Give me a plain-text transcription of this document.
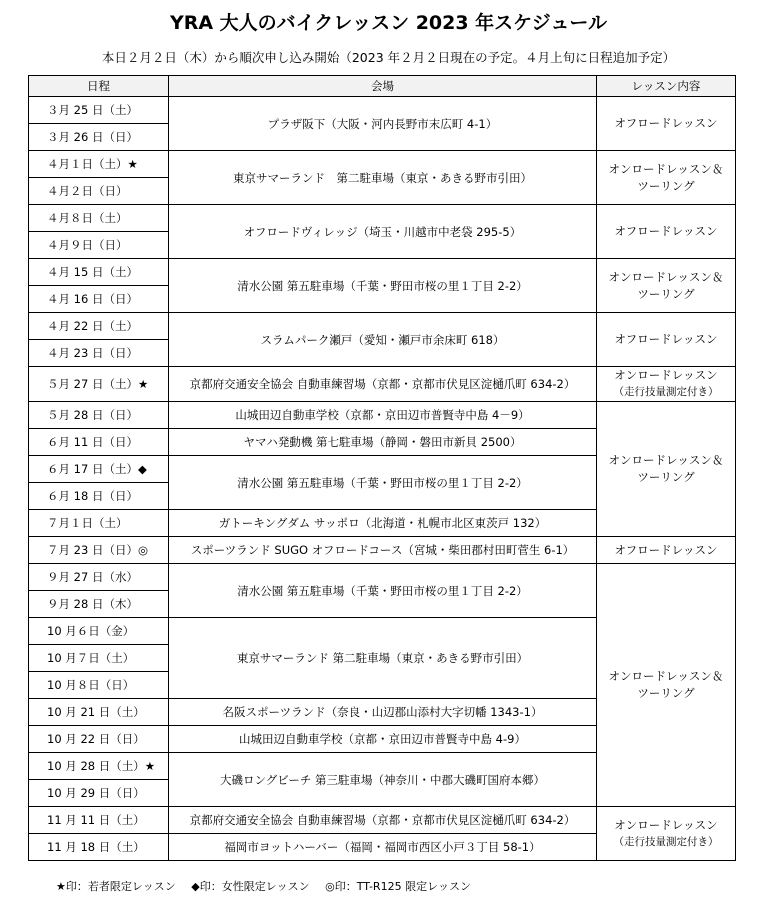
YRA 大人のバイクレッスン 2023 年スケジュール
本日２月２日（木）から順次申し込み開始（2023 年２月２日現在の予定。４月上旬に日程追加予定）
日程	会場	レッスン内容
３月 25 日（土）	プラザ阪下（大阪・河内長野市末広町 4-1）	オフロードレッスン

３月 26 日（日）		
４月１日（土）★	東京サマーランド　第二駐車場（東京・あきる野市引田）	オンロードレッスン＆
ツーリング

４月２日（日）		
４月８日（土）	オフロードヴィレッジ（埼玉・川越市中老袋 295-5）	オフロードレッスン

４月９日（日）		
４月 15 日（土）	清水公園 第五駐車場（千葉・野田市桜の里１丁目 2-2）	オンロードレッスン＆
ツーリング

４月 16 日（日）		
４月 22 日（土）	スラムパーク瀬戸（愛知・瀬戸市余床町 618）	オフロードレッスン

４月 23 日（日）		
５月 27 日（土）★	京都府交通安全協会 自動車練習場（京都・京都市伏見区淀樋爪町 634-2）	オンロードレッスン
（走行技量測定付き）

５月 28 日（日）	山城田辺自動車学校（京都・京田辺市普賢寺中島 4－9）	オンロードレッスン＆
ツーリング

６月 11 日（日）	ヤマハ発動機 第七駐車場（静岡・磐田市新貝 2500）	
６月 17 日（土）◆	清水公園 第五駐車場（千葉・野田市桜の里１丁目 2-2）	
６月 18 日（日）		
７月１日（土）	ガトーキングダム サッポロ（北海道・札幌市北区東茨戸 132）	
７月 23 日（日）◎	スポーツランド SUGO オフロードコース（宮城・柴田郡村田町菅生 6-1）	オフロードレッスン

９月 27 日（水）	清水公園 第五駐車場（千葉・野田市桜の里１丁目 2-2）	オンロードレッスン＆
ツーリング

９月 28 日（木）		
10 月６日（金）	東京サマーランド 第二駐車場（東京・あきる野市引田）	
10 月７日（土）		
10 月８日（日）		
10 月 21 日（土）	名阪スポーツランド（奈良・山辺郡山添村大字切幡 1343-1）	
10 月 22 日（日）	山城田辺自動車学校（京都・京田辺市普賢寺中島 4-9）	
10 月 28 日（土）★	大磯ロングビーチ 第三駐車場（神奈川・中郡大磯町国府本郷）	
10 月 29 日（日）		
11 月 11 日（土）	京都府交通安全協会 自動車練習場（京都・京都市伏見区淀樋爪町 634-2）	オンロードレッスン
（走行技量測定付き）

11 月 18 日（土）	福岡市ヨットハーバー（福岡・福岡市西区小戸３丁目 58-1）	
★印：若者限定レッスン ◆印：女性限定レッスン ◎印：TT-R125 限定レッスン
